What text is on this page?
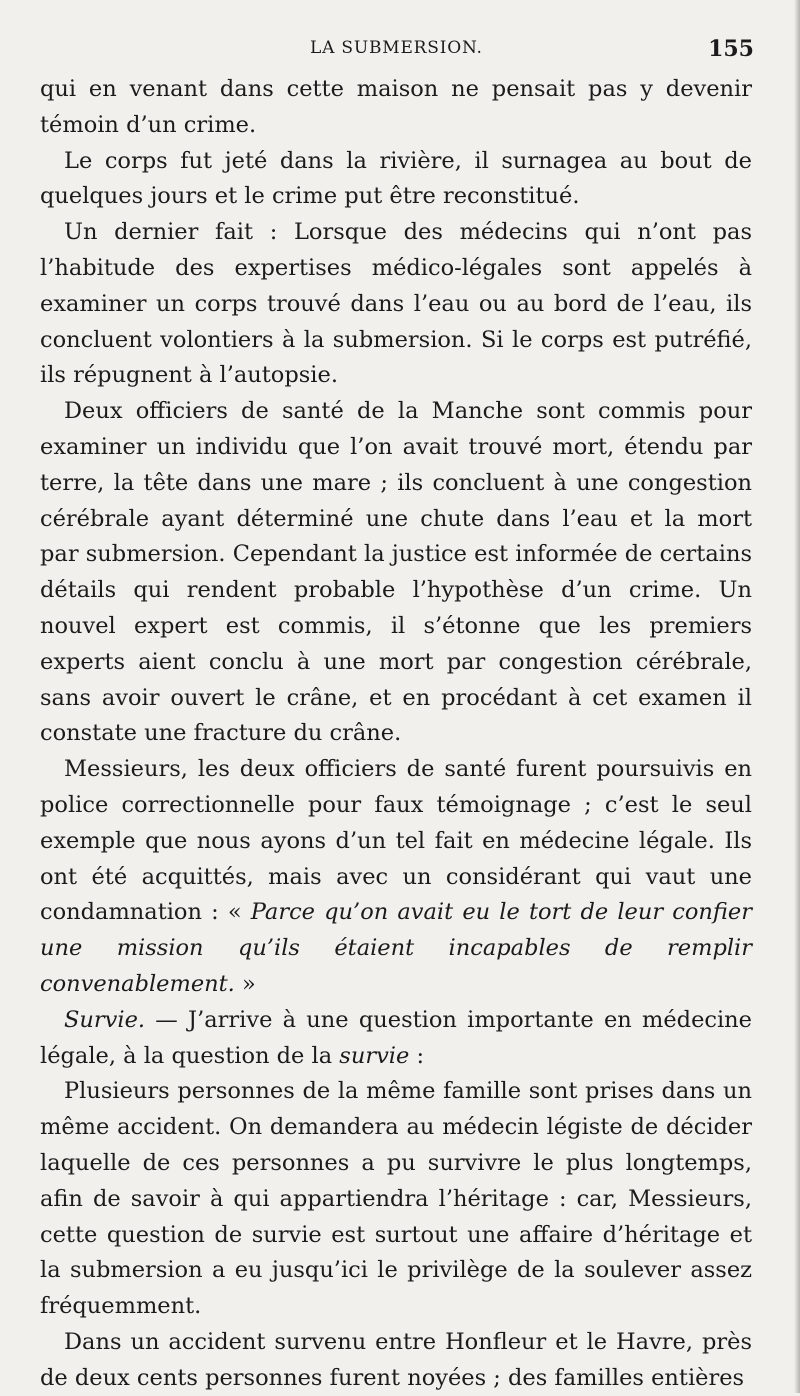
LA SUBMERSION.	155

qui en venant dans cette maison ne pensait pas y devenir témoin d’un crime.

Le corps fut jeté dans la rivière, il surnagea au bout de quelques jours et le crime put être reconstitué.

Un dernier fait : Lorsque des médecins qui n’ont pas l’habitude des expertises médico-légales sont appelés à examiner un corps trouvé dans l’eau ou au bord de l’eau, ils concluent volontiers à la submersion. Si le corps est putréfié, ils répugnent à l’autopsie.

Deux officiers de santé de la Manche sont commis pour examiner un individu que l’on avait trouvé mort, étendu par terre, la tête dans une mare ; ils concluent à une congestion cérébrale ayant déterminé une chute dans l’eau et la mort par submersion. Cependant la justice est informée de certains détails qui rendent probable l’hypothèse d’un crime. Un nouvel expert est commis, il s’étonne que les premiers experts aient conclu à une mort par congestion cérébrale, sans avoir ouvert le crâne, et en procédant à cet examen il constate une fracture du crâne.

Messieurs, les deux officiers de santé furent poursuivis en police correctionnelle pour faux témoignage ; c’est le seul exemple que nous ayons d’un tel fait en médecine légale. Ils ont été acquittés, mais avec un considérant qui vaut une condamnation : « Parce qu’on avait eu le tort de leur confier une mission qu’ils étaient incapables de remplir convenablement. »

Survie. — J’arrive à une question importante en médecine légale, à la question de la survie :

Plusieurs personnes de la même famille sont prises dans un même accident. On demandera au médecin légiste de décider laquelle de ces personnes a pu survivre le plus longtemps, afin de savoir à qui appartiendra l’héritage : car, Messieurs, cette question de survie est surtout une affaire d’héritage et la submersion a eu jusqu’ici le privilège de la soulever assez fréquemment.

Dans un accident survenu entre Honfleur et le Havre, près de deux cents personnes furent noyées ; des familles entières
